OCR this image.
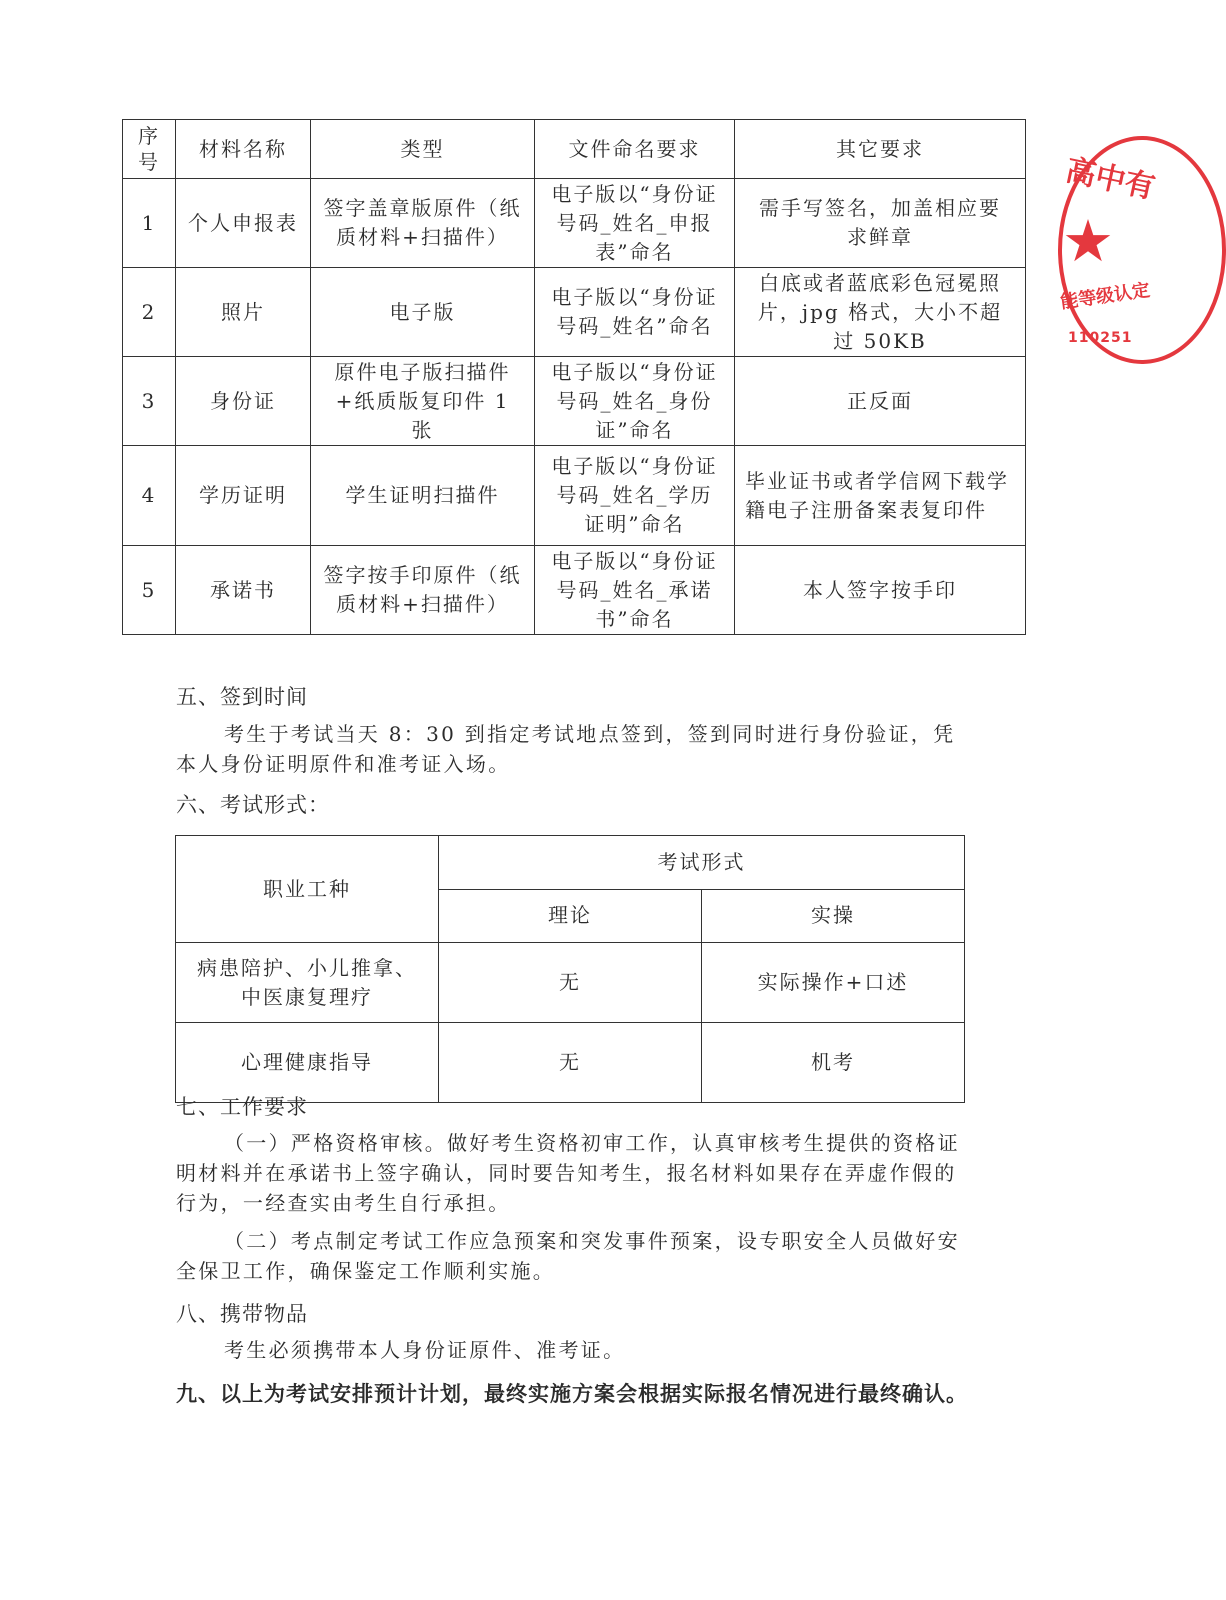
序号	材料名称	类型	文件命名要求	其它要求
1	个人申报表	签字盖章版原件（纸质材料+扫描件）	电子版以“身份证号码_姓名_申报表”命名	需手写签名，加盖相应要求鲜章
2	照片	电子版	电子版以“身份证号码_姓名”命名	白底或者蓝底彩色冠冕照片，jpg 格式，大小不超过 50KB
3	身份证	原件电子版扫描件+纸质版复印件 1 张	电子版以“身份证号码_姓名_身份证”命名	正反面
4	学历证明	学生证明扫描件	电子版以“身份证号码_姓名_学历证明”命名	毕业证书或者学信网下载学籍电子注册备案表复印件
5	承诺书	签字按手印原件（纸质材料+扫描件）	电子版以“身份证号码_姓名_承诺书”命名	本人签字按手印
五、签到时间
考生于考试当天 8：30 到指定考试地点签到，签到同时进行身份验证，凭本人身份证明原件和准考证入场。
六、考试形式：
职业工种	考试形式	
	理论	实操
病患陪护、小儿推拿、中医康复理疗	无	实际操作+口述
心理健康指导	无	机考
七、工作要求
（一）严格资格审核。做好考生资格初审工作，认真审核考生提供的资格证明材料并在承诺书上签字确认，同时要告知考生，报名材料如果存在弄虚作假的行为，一经查实由考生自行承担。
（二）考点制定考试工作应急预案和突发事件预案，设专职安全人员做好安全保卫工作，确保鉴定工作顺利实施。
八、携带物品
考生必须携带本人身份证原件、准考证。
九、以上为考试安排预计计划，最终实施方案会根据实际报名情况进行最终确认。
高中有
★
能等级认定
110251
